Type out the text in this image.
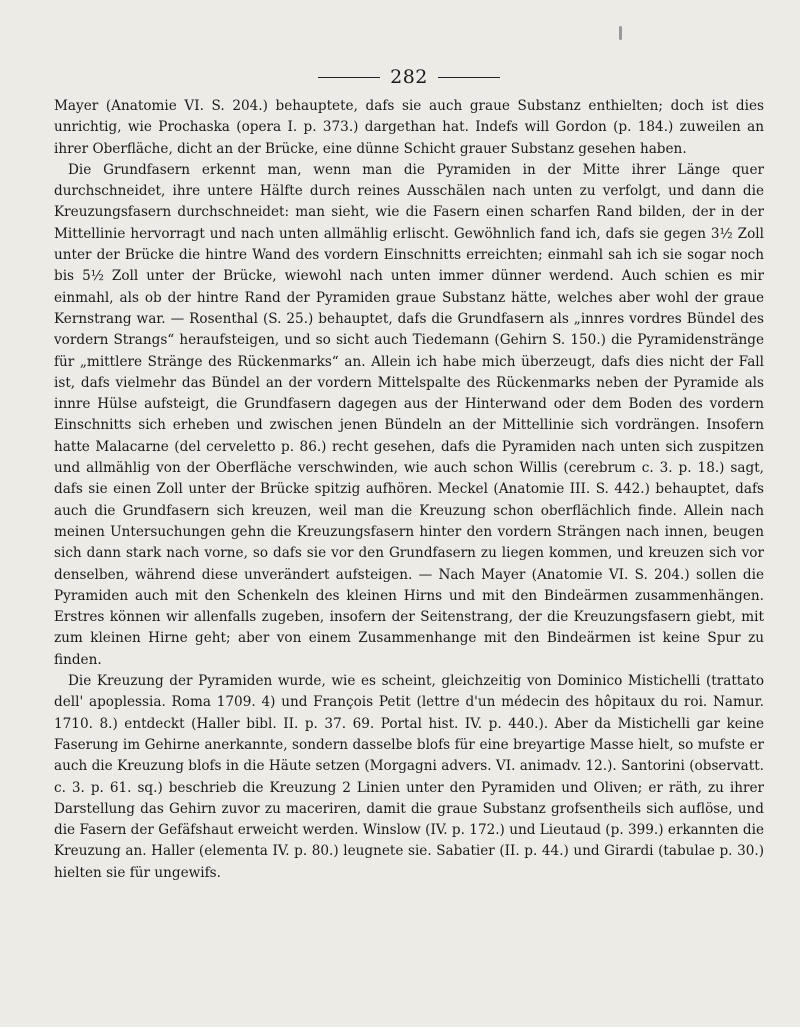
282

Mayer (Anatomie VI. S. 204.) behauptete, dafs sie auch graue Substanz enthielten; doch ist dies unrichtig, wie Prochaska (opera I. p. 373.) dargethan hat. Indefs will Gordon (p. 184.) zuweilen an ihrer Oberfläche, dicht an der Brücke, eine dünne Schicht grauer Substanz gesehen haben.

Die Grundfasern erkennt man, wenn man die Pyramiden in der Mitte ihrer Länge quer durchschneidet, ihre untere Hälfte durch reines Ausschälen nach unten zu verfolgt, und dann die Kreuzungsfasern durchschneidet: man sieht, wie die Fasern einen scharfen Rand bilden, der in der Mittellinie hervorragt und nach unten allmählig erlischt. Gewöhnlich fand ich, dafs sie gegen 3½ Zoll unter der Brücke die hintre Wand des vordern Einschnitts erreichten; einmahl sah ich sie sogar noch bis 5½ Zoll unter der Brücke, wiewohl nach unten immer dünner werdend. Auch schien es mir einmahl, als ob der hintre Rand der Pyramiden graue Substanz hätte, welches aber wohl der graue Kernstrang war. — Rosenthal (S. 25.) behauptet, dafs die Grundfasern als „innres vordres Bündel des vordern Strangs“ heraufsteigen, und so sicht auch Tiedemann (Gehirn S. 150.) die Pyramidenstränge für „mittlere Stränge des Rückenmarks“ an. Allein ich habe mich überzeugt, dafs dies nicht der Fall ist, dafs vielmehr das Bündel an der vordern Mittelspalte des Rückenmarks neben der Pyramide als innre Hülse aufsteigt, die Grundfasern dagegen aus der Hinterwand oder dem Boden des vordern Einschnitts sich erheben und zwischen jenen Bündeln an der Mittellinie sich vordrängen. Insofern hatte Malacarne (del cerveletto p. 86.) recht gesehen, dafs die Pyramiden nach unten sich zuspitzen und allmählig von der Oberfläche verschwinden, wie auch schon Willis (cerebrum c. 3. p. 18.) sagt, dafs sie einen Zoll unter der Brücke spitzig aufhören. Meckel (Anatomie III. S. 442.) behauptet, dafs auch die Grundfasern sich kreuzen, weil man die Kreuzung schon oberflächlich finde. Allein nach meinen Untersuchungen gehn die Kreuzungsfasern hinter den vordern Strängen nach innen, beugen sich dann stark nach vorne, so dafs sie vor den Grundfasern zu liegen kommen, und kreuzen sich vor denselben, während diese unverändert aufsteigen. — Nach Mayer (Anatomie VI. S. 204.) sollen die Pyramiden auch mit den Schenkeln des kleinen Hirns und mit den Bindeärmen zusammenhängen. Erstres können wir allenfalls zugeben, insofern der Seitenstrang, der die Kreuzungsfasern giebt, mit zum kleinen Hirne geht; aber von einem Zusammenhange mit den Bindeärmen ist keine Spur zu finden.

Die Kreuzung der Pyramiden wurde, wie es scheint, gleichzeitig von Dominico Mistichelli (trattato dell' apoplessia. Roma 1709. 4) und François Petit (lettre d'un médecin des hôpitaux du roi. Namur. 1710. 8.) entdeckt (Haller bibl. II. p. 37. 69. Portal hist. IV. p. 440.). Aber da Mistichelli gar keine Faserung im Gehirne anerkannte, sondern dasselbe blofs für eine breyartige Masse hielt, so mufste er auch die Kreuzung blofs in die Häute setzen (Morgagni advers. VI. animadv. 12.). Santorini (observatt. c. 3. p. 61. sq.) beschrieb die Kreuzung 2 Linien unter den Pyramiden und Oliven; er räth, zu ihrer Darstellung das Gehirn zuvor zu maceriren, damit die graue Substanz grofsentheils sich auflöse, und die Fasern der Gefäfshaut erweicht werden. Winslow (IV. p. 172.) und Lieutaud (p. 399.) erkannten die Kreuzung an. Haller (elementa IV. p. 80.) leugnete sie. Sabatier (II. p. 44.) und Girardi (tabulae p. 30.) hielten sie für ungewifs.
